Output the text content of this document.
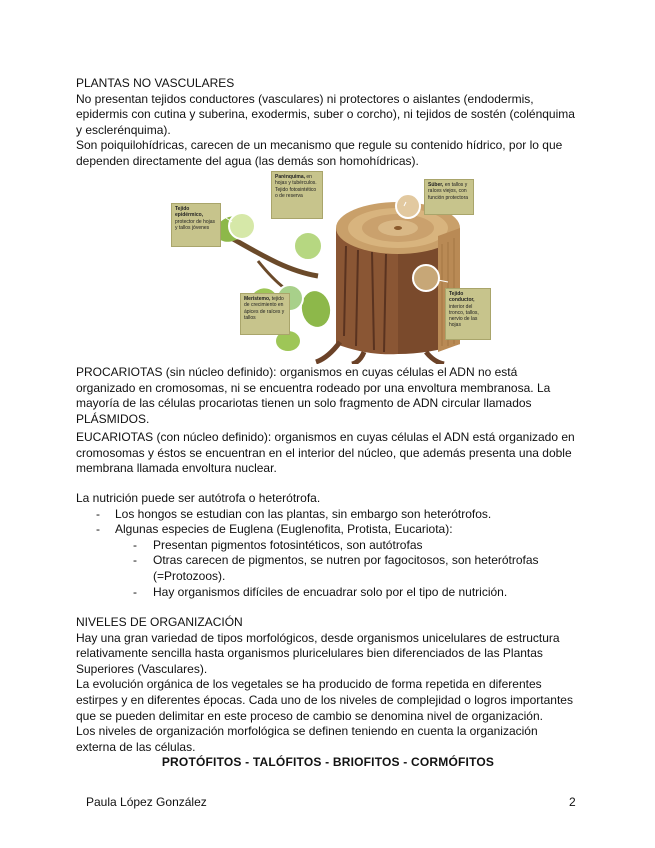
PLANTAS NO VASCULARES

No presentan tejidos conductores (vasculares) ni protectores o aislantes (endodermis, epidermis con cutina y suberina, exodermis, suber o corcho), ni tejidos de sostén (colénquima y esclerénquima).

Son poiquilohídricas, carecen de un mecanismo que regule su contenido hídrico, por lo que dependen directamente del agua (las demás son homohídricas).

Tejido epidérmico, protector de hojas y tallos jóvenes
Parénquima, en hojas y tubérculos. Tejido fotosintético o de reserva
Súber, en tallos y raíces viejos, con función protectora
Meristemo, tejido de crecimiento en ápices de raíces y tallos
Tejido conductor, interior del tronco, tallos, nervio de las hojas

PROCARIOTAS (sin núcleo definido): organismos en cuyas células el ADN no está organizado en cromosomas, ni se encuentra rodeado por una envoltura membranosa. La mayoría de las células procariotas tienen un solo fragmento de ADN circular llamados PLÁSMIDOS.

EUCARIOTAS (con núcleo definido): organismos en cuyas células el ADN está organizado en cromosomas y éstos se encuentran en el interior del núcleo, que además presenta una doble membrana llamada envoltura nuclear.

La nutrición puede ser autótrofa o heterótrofa.

- Los hongos se estudian con las plantas, sin embargo son heterótrofos.
- Algunas especies de Euglena (Euglenofita, Protista, Eucariota):
- Presentan pigmentos fotosintéticos, son autótrofas
- Otras carecen de pigmentos, se nutren por fagocitosos, son heterótrofas (=Protozoos).
- Hay organismos difíciles de encuadrar solo por el tipo de nutrición.

NIVELES DE ORGANIZACIÓN

Hay una gran variedad de tipos morfológicos, desde organismos unicelulares de estructura relativamente sencilla hasta organismos pluricelulares bien diferenciados de las Plantas Superiores (Vasculares).

La evolución orgánica de los vegetales se ha producido de forma repetida en diferentes estirpes y en diferentes épocas. Cada uno de los niveles de complejidad o logros importantes que se pueden delimitar en este proceso de cambio se denomina nivel de organización.

Los niveles de organización morfológica se definen teniendo en cuenta la organización externa de las células.

PROTÓFITOS - TALÓFITOS - BRIOFITOS - CORMÓFITOS

Paula López González	2
